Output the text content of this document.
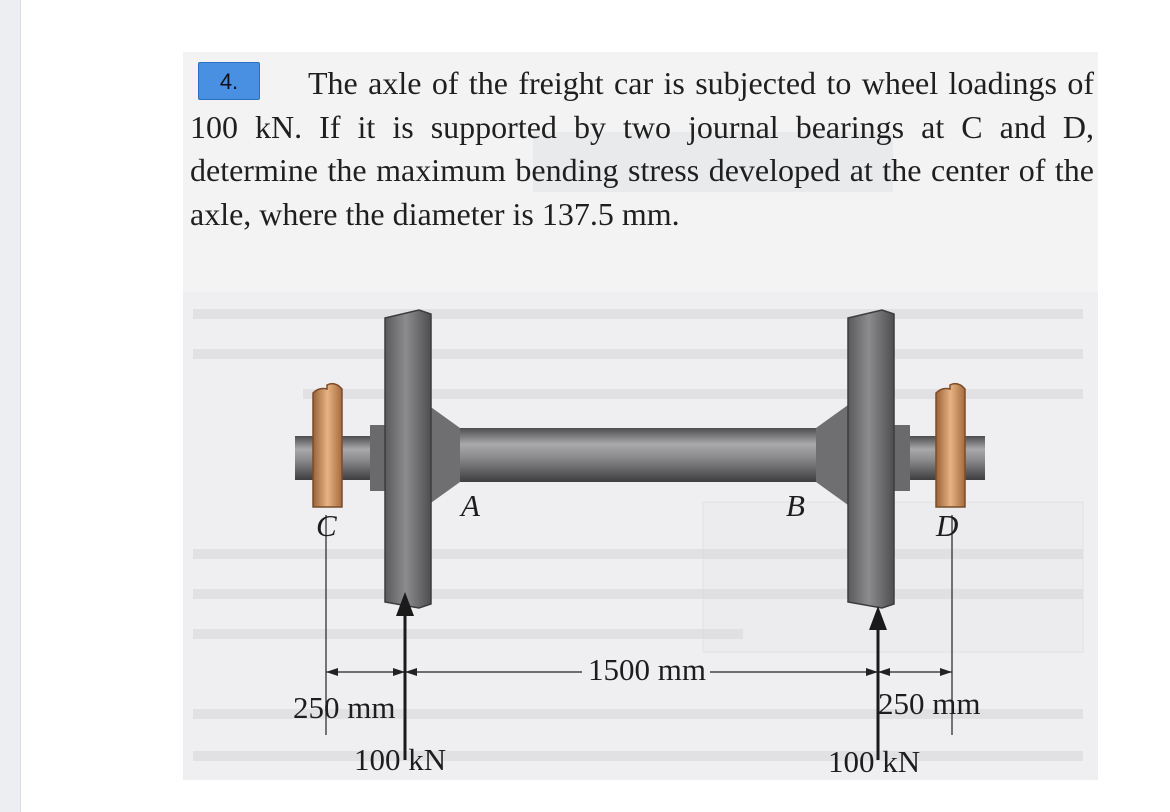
4.	The axle of the freight car is subjected to wheel loadings of 100 kN. If it is supported by two journal bearings at C and D, determine the maximum bending stress developed at the center of the axle, where the diameter is 137.5 mm.

C
A	B
D
1500 mm
250 mm	250 mm
100 kN	100 kN
